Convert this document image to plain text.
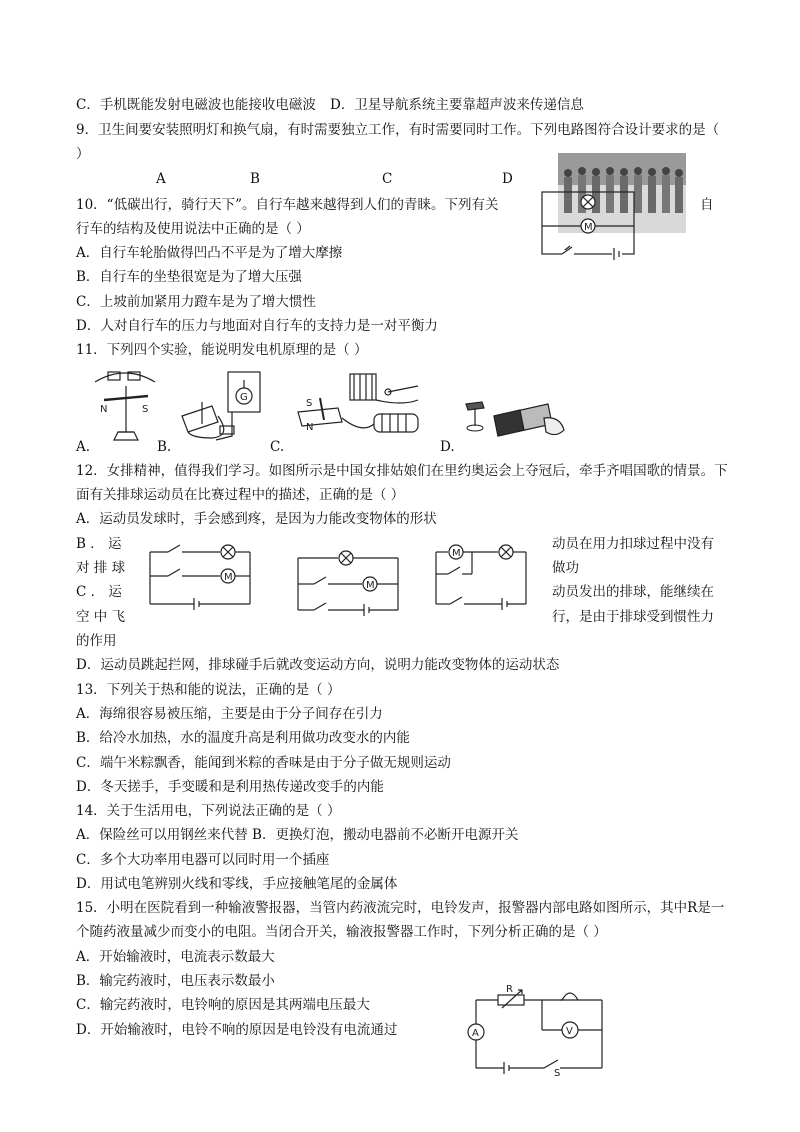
C．手机既能发射电磁波也能接收电磁波 D．卫星导航系统主要靠超声波来传递信息
9．卫生间要安装照明灯和换气扇，有时需要独立工作，有时需要同时工作。下列电路图符合设计要求的是（
）
A	B	C	D
M
10．“低碳出行，骑行天下”。自行车越来越得到人们的青睐。下列有关	自
行车的结构及使用说法中正确的是（ ）
A．自行车轮胎做得凹凸不平是为了增大摩擦
B．自行车的坐垫很宽是为了增大压强
C．上坡前加紧用力蹬车是为了增大惯性
D．人对自行车的压力与地面对自行车的支持力是一对平衡力
11．下列四个实验，能说明发电机原理的是（ ）
N	S
A.
G
B.
S
N
C.	D.
12．女排精神，值得我们学习。如图所示是中国女排姑娘们在里约奥运会上夺冠后，牵手齐唱国歌的情景。下
面有关排球运动员在比赛过程中的描述，正确的是（ ）
A．运动员发球时，手会感到疼，是因为力能改变物体的形状
B ． 运
对 排 球
动员在用力扣球过程中没有
做功
C ． 运
空 中 飞
动员发出的排球，能继续在
行，是由于排球受到惯性力
的作用
D．运动员跳起拦网，排球碰手后就改变运动方向，说明力能改变物体的运动状态
M
M
M
13．下列关于热和能的说法，正确的是（ ）
A．海绵很容易被压缩，主要是由于分子间存在引力
B．给冷水加热，水的温度升高是利用做功改变水的内能
C．端午米粽飘香，能闻到米粽的香味是由于分子做无规则运动
D．冬天搓手，手变暖和是利用热传递改变手的内能
14．关于生活用电，下列说法正确的是（ ）
A．保险丝可以用钢丝来代替 B．更换灯泡，搬动电器前不必断开电源开关
C．多个大功率用电器可以同时用一个插座
D．用试电笔辨别火线和零线，手应接触笔尾的金属体
15．小明在医院看到一种输液警报器，当管内药液流完时，电铃发声，报警器内部电路如图所示，其中R是一
个随药液量减少而变小的电阻。当闭合开关，输液报警器工作时，下列分析正确的是（ ）
A．开始输液时，电流表示数最大
B．输完药液时，电压表示数最小
C．输完药液时，电铃响的原因是其两端电压最大
D．开始输液时，电铃不响的原因是电铃没有电流通过
R
V
A
S
